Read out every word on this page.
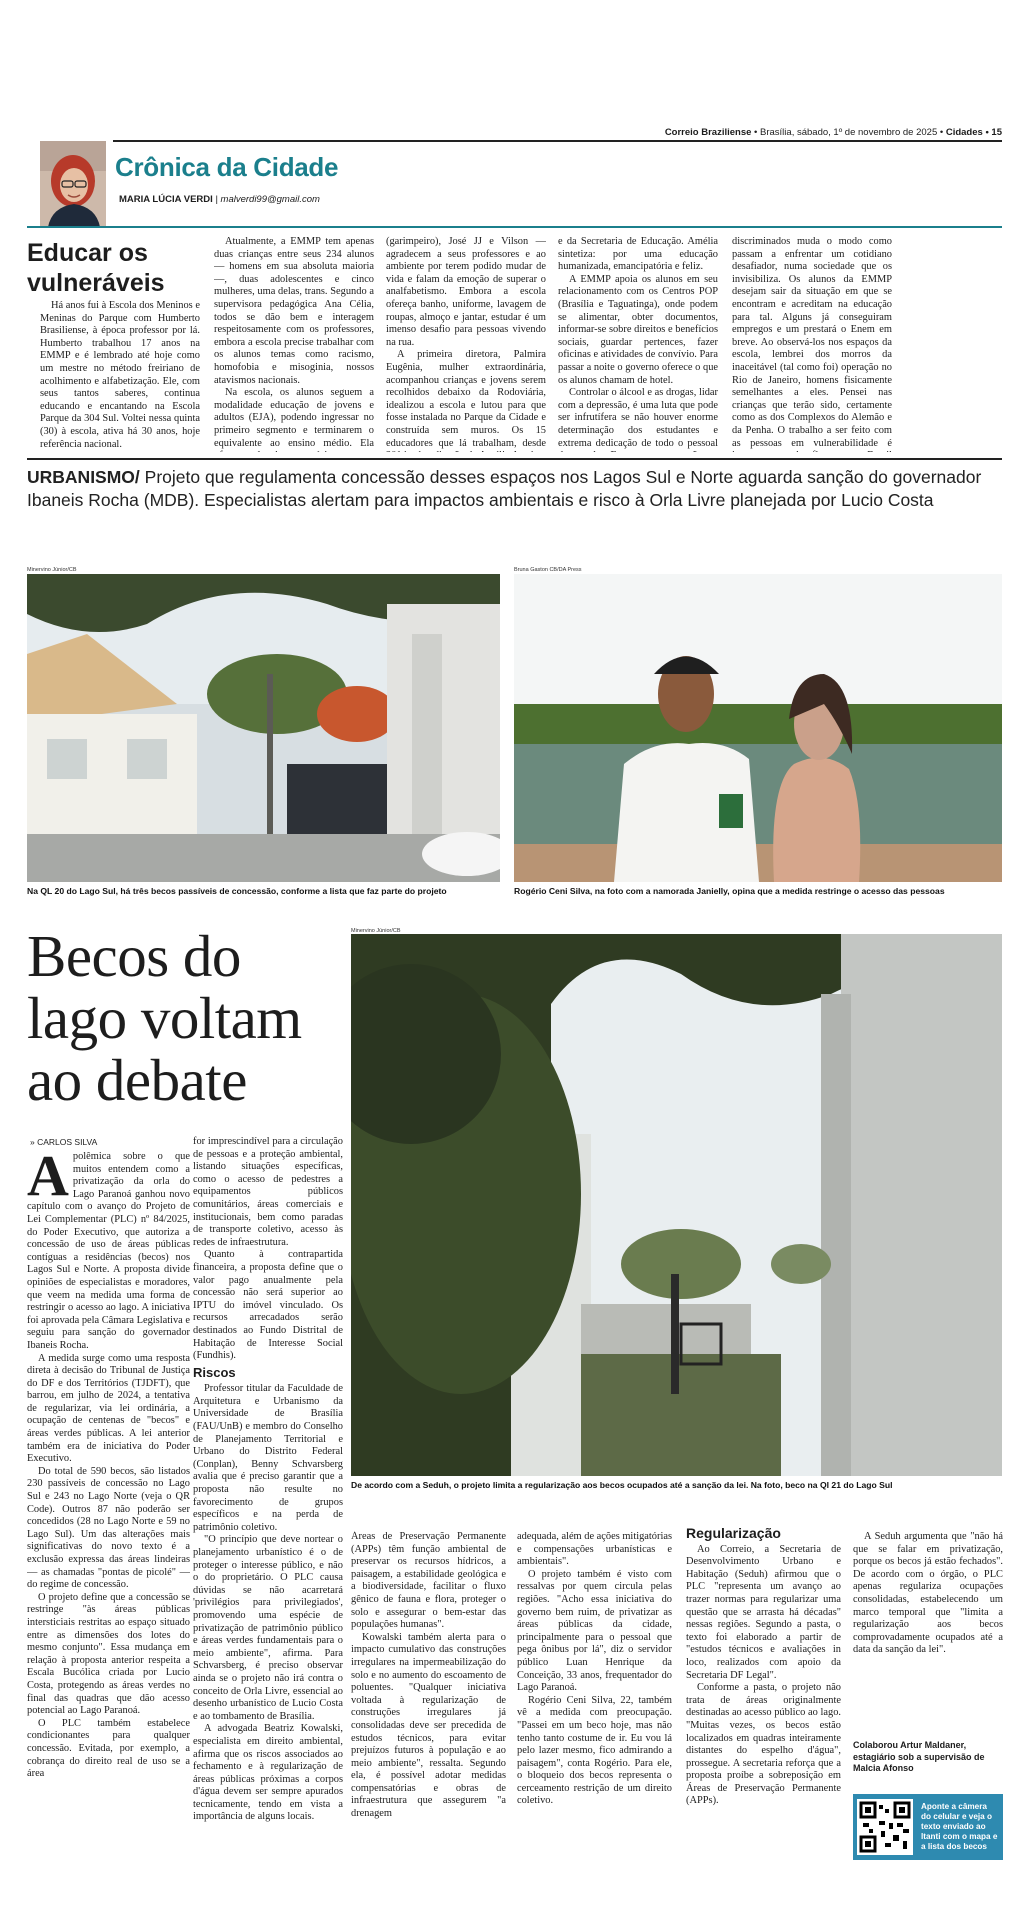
Correio Braziliense • Brasília, sábado, 1º de novembro de 2025 • Cidades • 15
Crônica da Cidade
MARIA LÚCIA VERDI | malverdi99@gmail.com
Educar os vulneráveis

Há anos fui à Escola dos Meninos e Meninas do Parque com Humberto Brasiliense, à época professor por lá. Humberto trabalhou 17 anos na EMMP e é lembrado até hoje como um mestre no método freiriano de acolhimento e alfabetização. Ele, com seus tantos saberes, continua educando e encantando na Escola Parque da 304 Sul. Voltei nessa quinta (30) à escola, ativa há 30 anos, hoje referência nacional.

Atualmente, a EMMP tem apenas duas crianças entre seus 234 alunos — homens em sua absoluta maioria —, duas adolescentes e cinco mulheres, uma delas, trans. Segundo a supervisora pedagógica Ana Célia, todos se dão bem e interagem respeitosamente com os professores, embora a escola precise trabalhar com os alunos temas como racismo, homofobia e misoginia, nossos atavismos nacionais.

Na escola, os alunos seguem a modalidade educação de jovens e adultos (EJA), podendo ingressar no primeiro segmento e terminarem o equivalente ao ensino médio. Ela

(garimpeiro), José JJ e Vilson — agradecem a seus professores e ao ambiente por terem podido mudar de vida e falam da emoção de superar o analfabetismo. Embora a escola ofereça banho, uniforme, lavagem de roupas, almoço e jantar, estudar é um imenso desafio para pessoas vivendo na rua.

A primeira diretora, Palmira Eugênia, mulher extraordinária, acompanhou crianças e jovens serem recolhidos debaixo da Rodoviária, idealizou a escola e lutou para que fosse instalada no Parque da Cidade e construída sem muros. Os 15 educadores que lá trabalham, desde

e da Secretaria de Educação. Amélia sintetiza: por uma educação humanizada, emancipatória e feliz.

A EMMP apoia os alunos em seu relacionamento com os Centros POP (Brasília e Taguatinga), onde podem se alimentar, obter documentos, informar-se sobre direitos e benefícios sociais, guardar pertences, fazer oficinas e atividades de convívio. Para passar a noite o governo oferece o que os alunos chamam de hotel.

Controlar o álcool e as drogas, lidar com a depressão, é uma luta que pode ser infrutífera se não houver enorme determinação dos estudantes e extrema dedicação de todo o pessoal

discriminados muda o modo como passam a enfrentar um cotidiano desafiador, numa sociedade que os invisibiliza. Os alunos da EMMP desejam sair da situação em que se encontram e acreditam na educação para tal. Alguns já conseguiram empregos e um prestará o Enem em breve. Ao observá-los nos espaços da escola, lembrei dos morros da inaceitável (tal como foi) operação no Rio de Janeiro, homens fisicamente semelhantes a eles. Pensei nas crianças que terão sido, certamente como as dos Complexos do Alemão e da Penha. O trabalho a ser feito com as pessoas em vulnerabilidade é

URBANISMO/ Projeto que regulamenta concessão desses espaços nos Lagos Sul e Norte aguarda sanção do governador Ibaneis Rocha (MDB). Especialistas alertam para impactos ambientais e risco à Orla Livre planejada por Lucio Costa
Minervino Júnior/CB
Na QL 20 do Lago Sul, há três becos passíveis de concessão, conforme a lista que faz parte do projeto
Bruna Gaston CB/DA Press
Rogério Ceni Silva, na foto com a namorada Janielly, opina que a medida restringe o acesso das pessoas
Becos do lago voltam ao debate
» CARLOS SILVA
Minervino Júnior/CB
De acordo com a Seduh, o projeto limita a regularização aos becos ocupados até a sanção da lei. Na foto, beco na QI 21 do Lago Sul

Apolêmica sobre o que muitos entendem como a privatização da orla do Lago Paranoá ganhou novo capítulo com o avanço do Projeto de Lei Complementar (PLC) nº 84/2025, do Poder Executivo, que autoriza a concessão de uso de áreas públicas contíguas a residências (becos) nos Lagos Sul e Norte. A proposta divide opiniões de especialistas e moradores, que veem na medida uma forma de restringir o acesso ao lago. A iniciativa foi aprovada pela Câmara Legislativa e seguiu para sanção do governador Ibaneis Rocha.

A medida surge como uma resposta direta à decisão do Tribunal de Justiça do DF e dos Territórios (TJDFT), que barrou, em julho de 2024, a tentativa de regularizar, via lei ordinária, a ocupação de centenas de "becos" e áreas verdes públicas. A lei anterior também era de iniciativa do Poder Executivo.

Do total de 590 becos, são listados 230 passíveis de concessão no Lago Sul e 243 no Lago Norte (veja o QR Code). Outros 87 não poderão ser concedidos (28 no Lago Norte e 59 no Lago Sul). Um das alterações mais significativas do novo texto é a exclusão expressa das áreas lindeiras — as chamadas "pontas de picolé" — do regime de concessão.

O projeto define que a concessão se restringe "às áreas públicas intersticiais restritas ao espaço situado entre as dimensões dos lotes do mesmo conjunto". Essa mudança em relação à proposta anterior respeita a Escala Bucólica criada por Lucio Costa, protegendo as áreas verdes no final das quadras que dão acesso potencial ao Lago Paranoá.

O PLC também estabelece condicionantes para qualquer concessão. Evitada, por exemplo, a cobrança do direito real de uso se a área

for imprescindível para a circulação de pessoas e a proteção ambiental, listando situações específicas, como o acesso de pedestres a equipamentos públicos comunitários, áreas comerciais e institucionais, bem como paradas de transporte coletivo, acesso às redes de infraestrutura.

Quanto à contrapartida financeira, a proposta define que o valor pago anualmente pela concessão não será superior ao IPTU do imóvel vinculado. Os recursos arrecadados serão destinados ao Fundo Distrital de Habitação de Interesse Social (Fundhis).

Riscos

Professor titular da Faculdade de Arquitetura e Urbanismo da Universidade de Brasília (FAU/UnB) e membro do Conselho de Planejamento Territorial e Urbano do Distrito Federal (Conplan), Benny Schvarsberg avalia que é preciso garantir que a proposta não resulte no favorecimento de grupos específicos e na perda de patrimônio coletivo.

"O princípio que deve nortear o planejamento urbanístico é o de proteger o interesse público, e não o do proprietário. O PLC causa dúvidas se não acarretará 'privilégios para privilegiados', promovendo uma espécie de privatização de patrimônio público e áreas verdes fundamentais para o meio ambiente", afirma. Para Schvarsberg, é preciso observar ainda se o projeto não irá contra o conceito de Orla Livre, essencial ao desenho urbanístico de Lucio Costa e ao tombamento de Brasília.

A advogada Beatriz Kowalski, especialista em direito ambiental, afirma que os riscos associados ao fechamento e à regularização de áreas públicas próximas a corpos d'água devem ser sempre apurados tecnicamente, tendo em vista a importância de alguns locais.

Áreas de Preservação Permanente (APPs) têm função ambiental de preservar os recursos hídricos, a paisagem, a estabilidade geológica e a biodiversidade, facilitar o fluxo gênico de fauna e flora, proteger o solo e assegurar o bem-estar das populações humanas".

Kowalski também alerta para o impacto cumulativo das construções irregulares na impermeabilização do solo e no aumento do escoamento de poluentes. "Qualquer iniciativa voltada à regularização de construções irregulares já consolidadas deve ser precedida de estudos técnicos, para evitar prejuízos futuros à população e ao meio ambiente", ressalta. Segundo ela, é possível adotar medidas compensatórias e obras de infraestrutura que assegurem "a drenagem

adequada, além de ações mitigatórias e compensações urbanísticas e ambientais".

O projeto também é visto com ressalvas por quem circula pelas regiões. "Acho essa iniciativa do governo bem ruim, de privatizar as áreas públicas da cidade, principalmente para o pessoal que pega ônibus por lá", diz o servidor público Luan Henrique da Conceição, 33 anos, frequentador do Lago Paranoá.

Rogério Ceni Silva, 22, também vê a medida com preocupação. "Passei em um beco hoje, mas não tenho tanto costume de ir. Eu vou lá pelo lazer mesmo, fico admirando a paisagem", conta Rogério. Para ele, o bloqueio dos becos representa o cerceamento restrição de um direito coletivo.

Regularização

Ao Correio, a Secretaria de Desenvolvimento Urbano e Habitação (Seduh) afirmou que o PLC "representa um avanço ao trazer normas para regularizar uma questão que se arrasta há décadas" nessas regiões. Segundo a pasta, o texto foi elaborado a partir de "estudos técnicos e avaliações in loco, realizados com apoio da Secretaria DF Legal".

Conforme a pasta, o projeto não trata de áreas originalmente destinadas ao acesso público ao lago. "Muitas vezes, os becos estão localizados em quadras inteiramente distantes do espelho d'água", prossegue. A secretaria reforça que a proposta proíbe a sobreposição em Áreas de Preservação Permanente (APPs).

A Seduh argumenta que "não há que se falar em privatização, porque os becos já estão fechados". De acordo com o órgão, o PLC apenas regulariza ocupações consolidadas, estabelecendo um marco temporal que "limita a regularização aos becos comprovadamente ocupados até a data da sanção da lei".

Colaborou Artur Maldaner, estagiário sob a supervisão de Malcia Afonso
Aponte a câmera do celular e veja o texto enviado ao ltanti com o mapa e a lista dos becos
